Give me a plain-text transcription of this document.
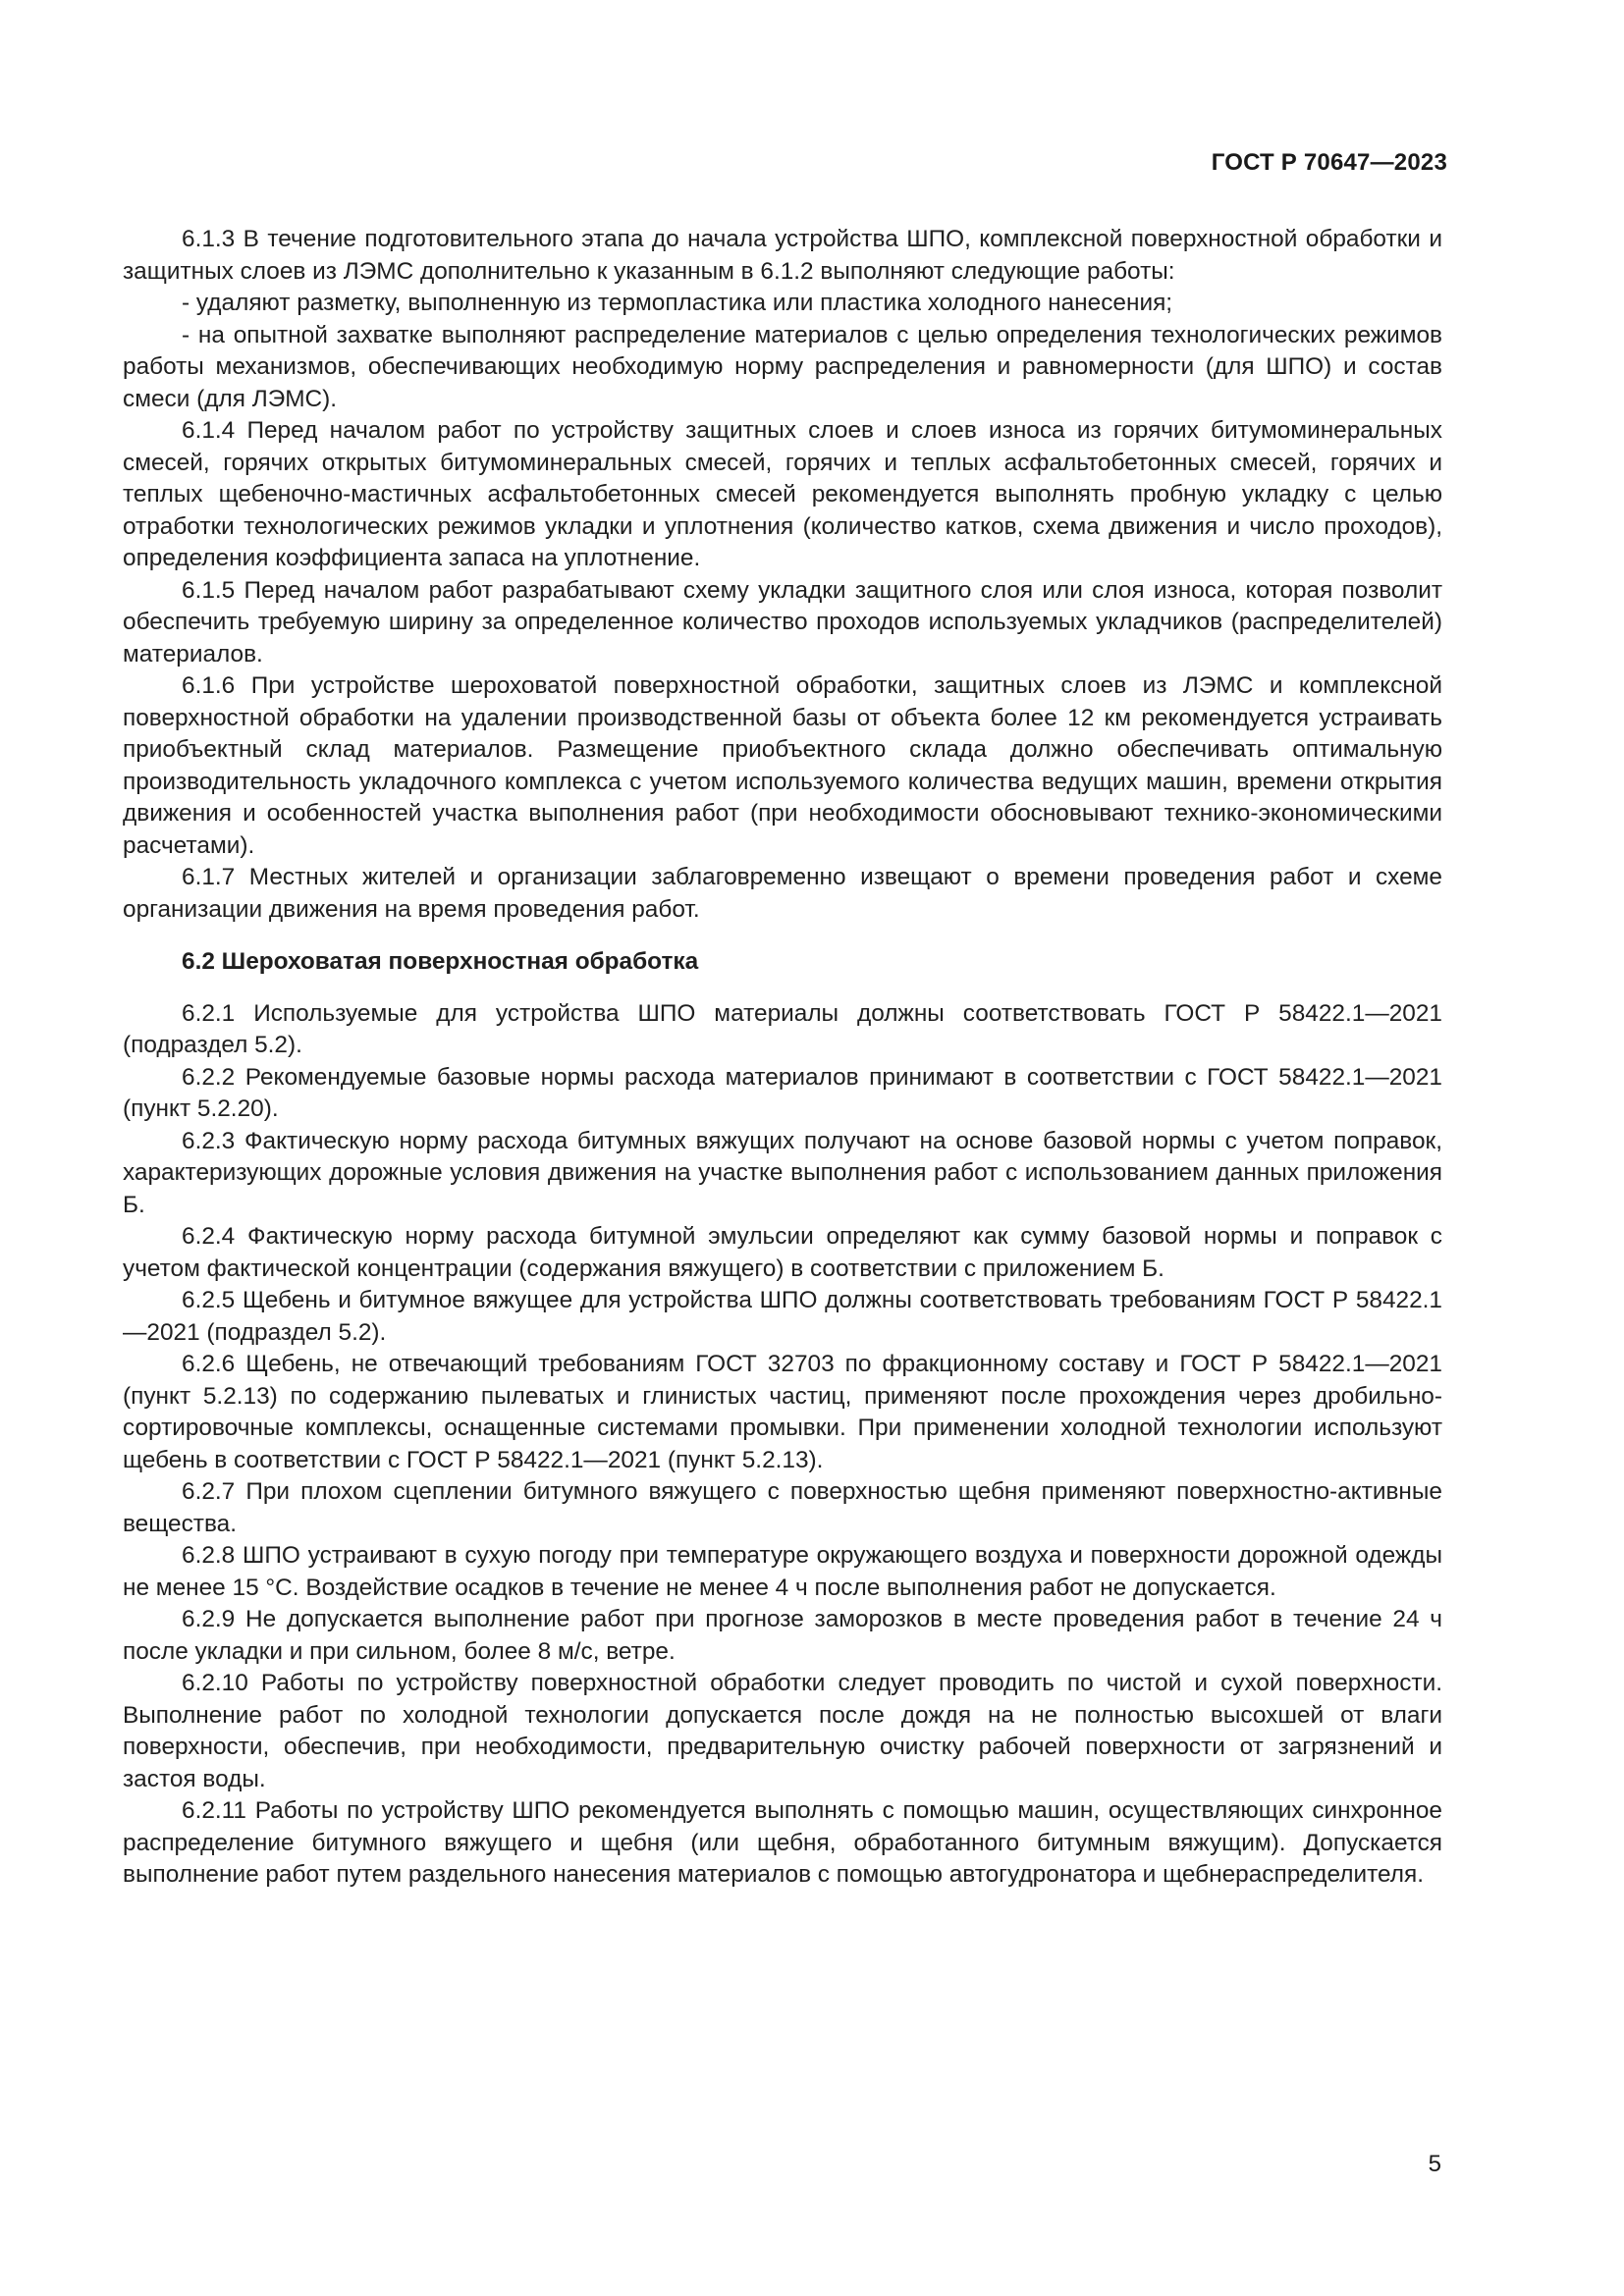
ГОСТ Р 70647—2023

6.1.3 В течение подготовительного этапа до начала устройства ШПО, комплексной поверхностной обработки и защитных слоев из ЛЭМС дополнительно к указанным в 6.1.2 выполняют следующие работы:

- удаляют разметку, выполненную из термопластика или пластика холодного нанесения;

- на опытной захватке выполняют распределение материалов с целью определения технологических режимов работы механизмов, обеспечивающих необходимую норму распределения и равномерности (для ШПО) и состав смеси (для ЛЭМС).

6.1.4 Перед началом работ по устройству защитных слоев и слоев износа из горячих битумоминеральных смесей, горячих открытых битумоминеральных смесей, горячих и теплых асфальтобетонных смесей, горячих и теплых щебеночно-мастичных асфальтобетонных смесей рекомендуется выполнять пробную укладку с целью отработки технологических режимов укладки и уплотнения (количество катков, схема движения и число проходов), определения коэффициента запаса на уплотнение.

6.1.5 Перед началом работ разрабатывают схему укладки защитного слоя или слоя износа, которая позволит обеспечить требуемую ширину за определенное количество проходов используемых укладчиков (распределителей) материалов.

6.1.6 При устройстве шероховатой поверхностной обработки, защитных слоев из ЛЭМС и комплексной поверхностной обработки на удалении производственной базы от объекта более 12 км рекомендуется устраивать приобъектный склад материалов. Размещение приобъектного склада должно обеспечивать оптимальную производительность укладочного комплекса с учетом используемого количества ведущих машин, времени открытия движения и особенностей участка выполнения работ (при необходимости обосновывают технико-экономическими расчетами).

6.1.7 Местных жителей и организации заблаговременно извещают о времени проведения работ и схеме организации движения на время проведения работ.

6.2 Шероховатая поверхностная обработка

6.2.1 Используемые для устройства ШПО материалы должны соответствовать ГОСТ Р 58422.1—2021 (подраздел 5.2).

6.2.2 Рекомендуемые базовые нормы расхода материалов принимают в соответствии с ГОСТ 58422.1—2021 (пункт 5.2.20).

6.2.3 Фактическую норму расхода битумных вяжущих получают на основе базовой нормы с учетом поправок, характеризующих дорожные условия движения на участке выполнения работ с использованием данных приложения Б.

6.2.4 Фактическую норму расхода битумной эмульсии определяют как сумму базовой нормы и поправок с учетом фактической концентрации (содержания вяжущего) в соответствии с приложением Б.

6.2.5 Щебень и битумное вяжущее для устройства ШПО должны соответствовать требованиям ГОСТ Р 58422.1—2021 (подраздел 5.2).

6.2.6 Щебень, не отвечающий требованиям ГОСТ 32703 по фракционному составу и ГОСТ Р 58422.1—2021 (пункт 5.2.13) по содержанию пылеватых и глинистых частиц, применяют после прохождения через дробильно-сортировочные комплексы, оснащенные системами промывки. При применении холодной технологии используют щебень в соответствии с ГОСТ Р 58422.1—2021 (пункт 5.2.13).

6.2.7 При плохом сцеплении битумного вяжущего с поверхностью щебня применяют поверхностно-активные вещества.

6.2.8 ШПО устраивают в сухую погоду при температуре окружающего воздуха и поверхности дорожной одежды не менее 15 °С. Воздействие осадков в течение не менее 4 ч после выполнения работ не допускается.

6.2.9 Не допускается выполнение работ при прогнозе заморозков в месте проведения работ в течение 24 ч после укладки и при сильном, более 8 м/с, ветре.

6.2.10 Работы по устройству поверхностной обработки следует проводить по чистой и сухой поверхности. Выполнение работ по холодной технологии допускается после дождя на не полностью высохшей от влаги поверхности, обеспечив, при необходимости, предварительную очистку рабочей поверхности от загрязнений и застоя воды.

6.2.11 Работы по устройству ШПО рекомендуется выполнять с помощью машин, осуществляющих синхронное распределение битумного вяжущего и щебня (или щебня, обработанного битумным вяжущим). Допускается выполнение работ путем раздельного нанесения материалов с помощью автогудронатора и щебнераспределителя.

5
